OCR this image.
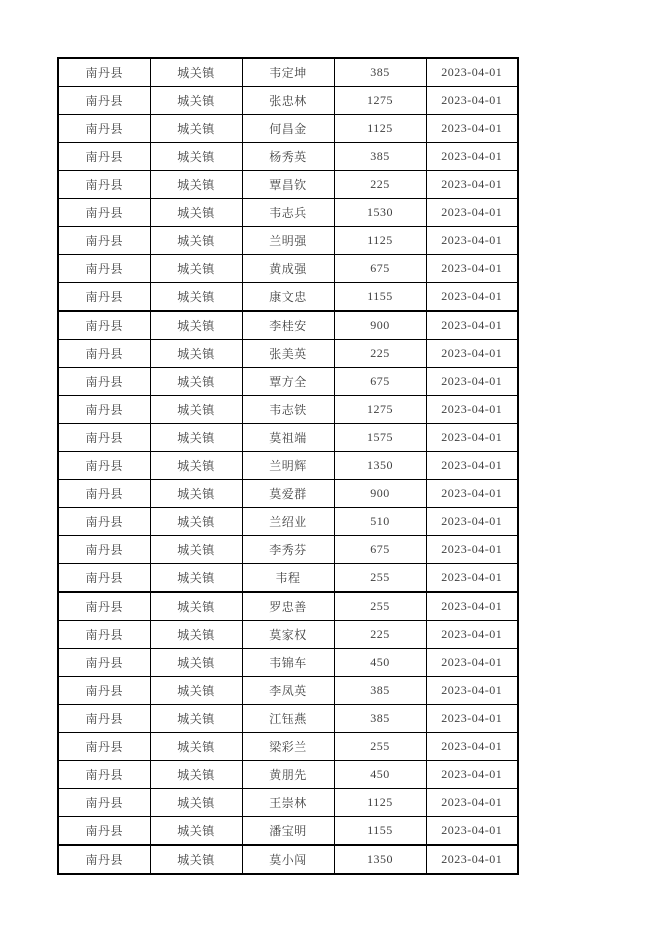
南丹县	城关镇	韦定坤	385	2023-04-01
南丹县	城关镇	张忠林	1275	2023-04-01
南丹县	城关镇	何昌金	1125	2023-04-01
南丹县	城关镇	杨秀英	385	2023-04-01
南丹县	城关镇	覃昌钦	225	2023-04-01
南丹县	城关镇	韦志兵	1530	2023-04-01
南丹县	城关镇	兰明强	1125	2023-04-01
南丹县	城关镇	黄成强	675	2023-04-01
南丹县	城关镇	康文忠	1155	2023-04-01
南丹县	城关镇	李桂安	900	2023-04-01
南丹县	城关镇	张美英	225	2023-04-01
南丹县	城关镇	覃方全	675	2023-04-01
南丹县	城关镇	韦志铁	1275	2023-04-01
南丹县	城关镇	莫祖端	1575	2023-04-01
南丹县	城关镇	兰明辉	1350	2023-04-01
南丹县	城关镇	莫爱群	900	2023-04-01
南丹县	城关镇	兰绍业	510	2023-04-01
南丹县	城关镇	李秀芬	675	2023-04-01
南丹县	城关镇	韦程	255	2023-04-01
南丹县	城关镇	罗忠善	255	2023-04-01
南丹县	城关镇	莫家权	225	2023-04-01
南丹县	城关镇	韦锦车	450	2023-04-01
南丹县	城关镇	李凤英	385	2023-04-01
南丹县	城关镇	江钰燕	385	2023-04-01
南丹县	城关镇	梁彩兰	255	2023-04-01
南丹县	城关镇	黄朋先	450	2023-04-01
南丹县	城关镇	王崇林	1125	2023-04-01
南丹县	城关镇	潘宝明	1155	2023-04-01
南丹县	城关镇	莫小闯	1350	2023-04-01
